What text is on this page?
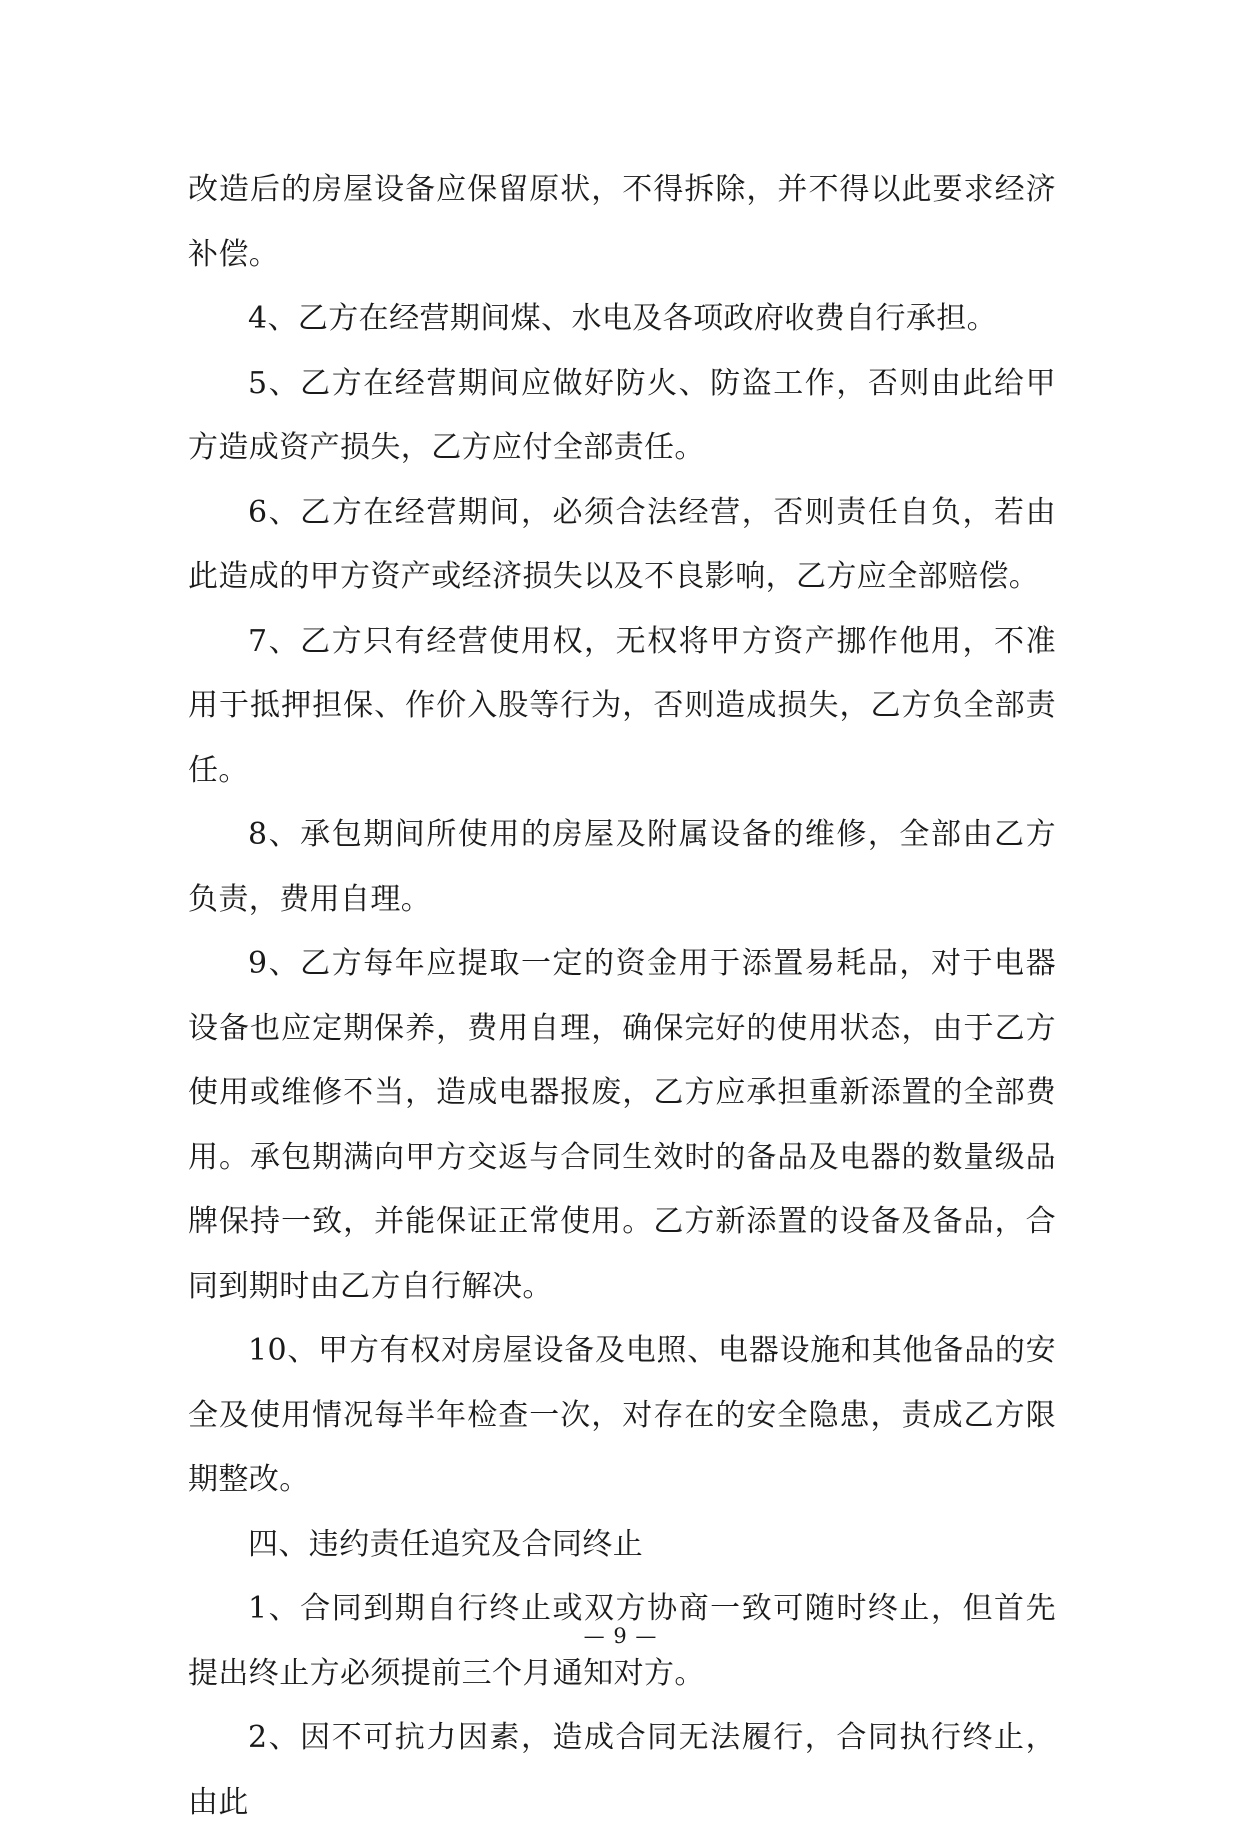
改造后的房屋设备应保留原状，不得拆除，并不得以此要求经济补偿。

4、乙方在经营期间煤、水电及各项政府收费自行承担。

5、乙方在经营期间应做好防火、防盗工作，否则由此给甲方造成资产损失，乙方应付全部责任。

6、乙方在经营期间，必须合法经营，否则责任自负，若由此造成的甲方资产或经济损失以及不良影响，乙方应全部赔偿。

7、乙方只有经营使用权，无权将甲方资产挪作他用，不准用于抵押担保、作价入股等行为，否则造成损失，乙方负全部责任。

8、承包期间所使用的房屋及附属设备的维修，全部由乙方负责，费用自理。

9、乙方每年应提取一定的资金用于添置易耗品，对于电器设备也应定期保养，费用自理，确保完好的使用状态，由于乙方使用或维修不当，造成电器报废，乙方应承担重新添置的全部费用。承包期满向甲方交返与合同生效时的备品及电器的数量级品牌保持一致，并能保证正常使用。乙方新添置的设备及备品，合同到期时由乙方自行解决。

10、甲方有权对房屋设备及电照、电器设施和其他备品的安全及使用情况每半年检查一次，对存在的安全隐患，责成乙方限期整改。

四、违约责任追究及合同终止

1、合同到期自行终止或双方协商一致可随时终止，但首先提出终止方必须提前三个月通知对方。

2、因不可抗力因素，造成合同无法履行，合同执行终止，由此

— 9 —
